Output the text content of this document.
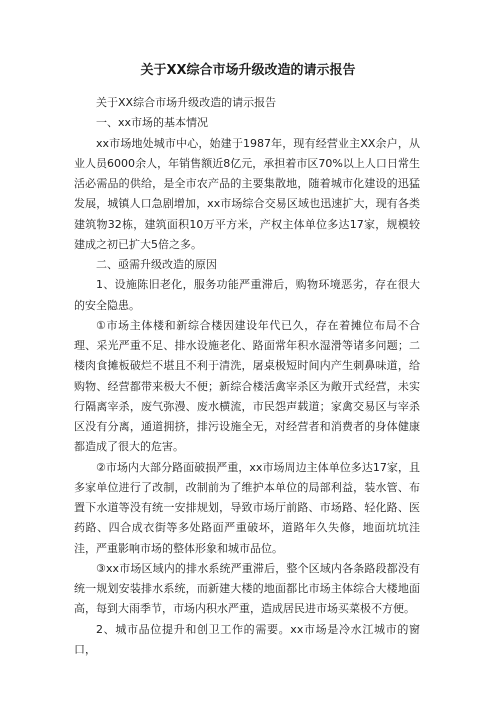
关于XX综合市场升级改造的请示报告

关于XX综合市场升级改造的请示报告

一、xx市场的基本情况

xx市场地处城市中心，始建于1987年，现有经营业主XX余户，从业人员6000余人，年销售额近8亿元，承担着市区70%以上人口日常生活必需品的供给，是全市农产品的主要集散地，随着城市化建设的迅猛发展，城镇人口急剧增加，xx市场综合交易区域也迅速扩大，现有各类建筑物32栋，建筑面积10万平方米，产权主体单位多达17家，规模较建成之初已扩大5倍之多。

二、亟需升级改造的原因

1、设施陈旧老化，服务功能严重滞后，购物环境恶劣，存在很大的安全隐患。

①市场主体楼和新综合楼因建设年代已久，存在着摊位布局不合理、采光严重不足、排水设施老化、路面常年积水湿滑等诸多问题；二楼肉食摊板破烂不堪且不利于清洗，屠桌极短时间内产生刺鼻味道，给购物、经营都带来极大不便；新综合楼活禽宰杀区为敞开式经营，未实行隔离宰杀，废气弥漫、废水横流，市民怨声载道；家禽交易区与宰杀区没有分离，通道拥挤，排污设施全无，对经营者和消费者的身体健康都造成了很大的危害。

②市场内大部分路面破损严重，xx市场周边主体单位多达17家，且多家单位进行了改制，改制前为了维护本单位的局部利益，装水管、布置下水道等没有统一安排规划，导致市场厅前路、市场路、轻化路、医药路、四合成衣街等多处路面严重破坏，道路年久失修，地面坑坑洼洼，严重影响市场的整体形象和城市品位。

③xx市场区域内的排水系统严重滞后，整个区域内各条路段都没有统一规划安装排水系统，而新建大楼的地面都比市场主体综合大楼地面高，每到大雨季节，市场内积水严重，造成居民进市场买菜极不方便。

2、城市品位提升和创卫工作的需要。xx市场是冷水江城市的窗口，
